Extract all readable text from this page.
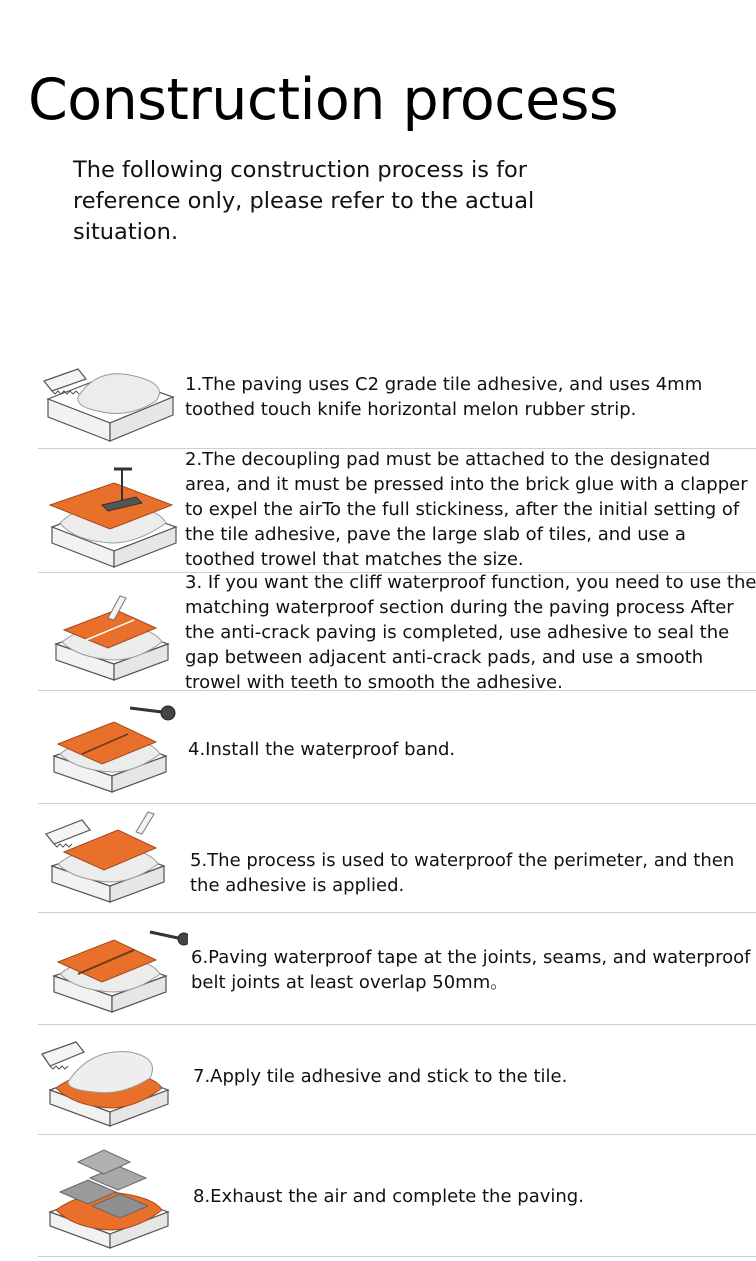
Construction process
The following construction process is for reference only, please refer to the actual situation.
1.The paving uses C2 grade tile adhesive, and uses 4mm toothed touch knife horizontal melon rubber strip.
2.The decoupling pad must be attached to the designated area, and it must be pressed into the brick glue with a clapper to expel the airTo the full stickiness, after the initial setting of the tile adhesive, pave the large slab of tiles, and use a toothed trowel that matches the size.
3. If you want the cliff waterproof function, you need to use the matching waterproof section during the paving process After the anti-crack paving is completed, use adhesive to seal the gap between adjacent anti-crack pads, and use a smooth trowel with teeth to smooth the adhesive.
4.Install the waterproof band.
5.The process is used to waterproof the perimeter, and then the adhesive is applied.
6.Paving waterproof tape at the joints, seams, and waterproof belt joints at least overlap 50mm。
7.Apply tile adhesive and stick to the tile.
8.Exhaust the air and complete the paving.
